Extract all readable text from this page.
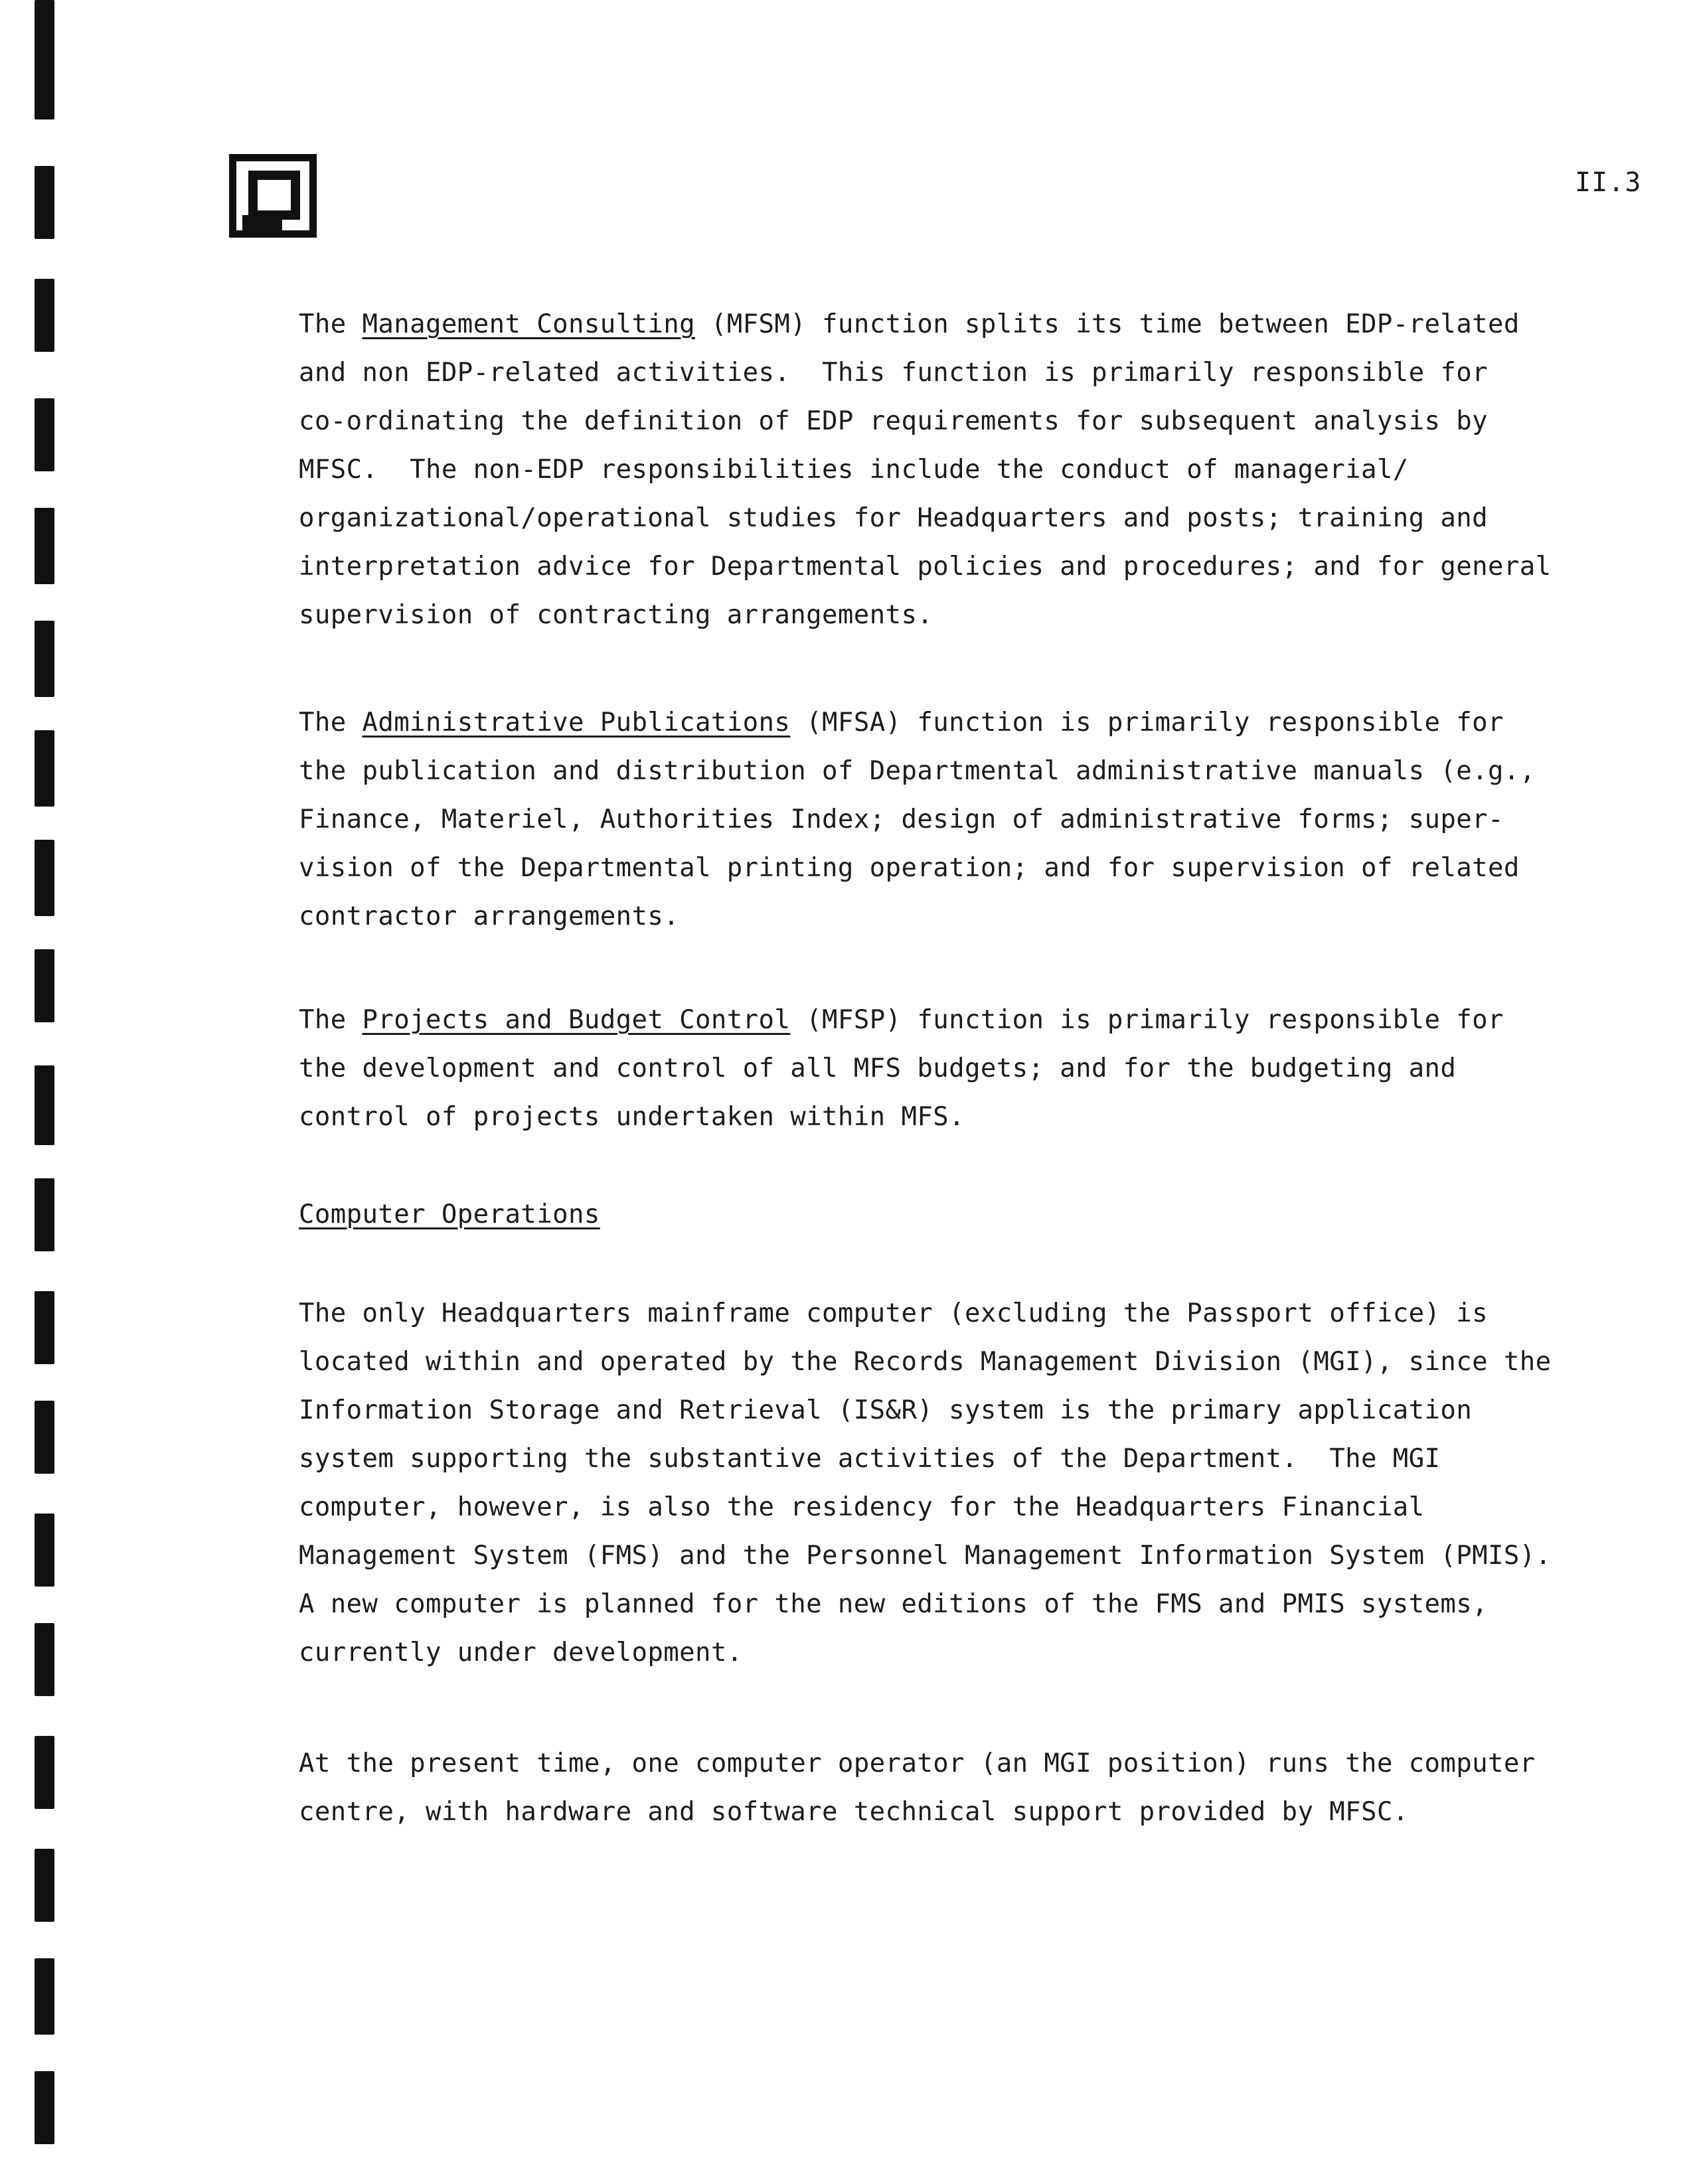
II.3

The Management Consulting (MFSM) function splits its time between EDP-related
and non EDP-related activities.  This function is primarily responsible for
co-ordinating the definition of EDP requirements for subsequent analysis by
MFSC.  The non-EDP responsibilities include the conduct of managerial/
organizational/operational studies for Headquarters and posts; training and
interpretation advice for Departmental policies and procedures; and for general
supervision of contracting arrangements.

The Administrative Publications (MFSA) function is primarily responsible for
the publication and distribution of Departmental administrative manuals (e.g.,
Finance, Materiel, Authorities Index; design of administrative forms; super-
vision of the Departmental printing operation; and for supervision of related
contractor arrangements.

The Projects and Budget Control (MFSP) function is primarily responsible for
the development and control of all MFS budgets; and for the budgeting and
control of projects undertaken within MFS.

Computer Operations

The only Headquarters mainframe computer (excluding the Passport office) is
located within and operated by the Records Management Division (MGI), since the
Information Storage and Retrieval (IS&R) system is the primary application
system supporting the substantive activities of the Department.  The MGI
computer, however, is also the residency for the Headquarters Financial
Management System (FMS) and the Personnel Management Information System (PMIS).
A new computer is planned for the new editions of the FMS and PMIS systems,
currently under development.

At the present time, one computer operator (an MGI position) runs the computer
centre, with hardware and software technical support provided by MFSC.
